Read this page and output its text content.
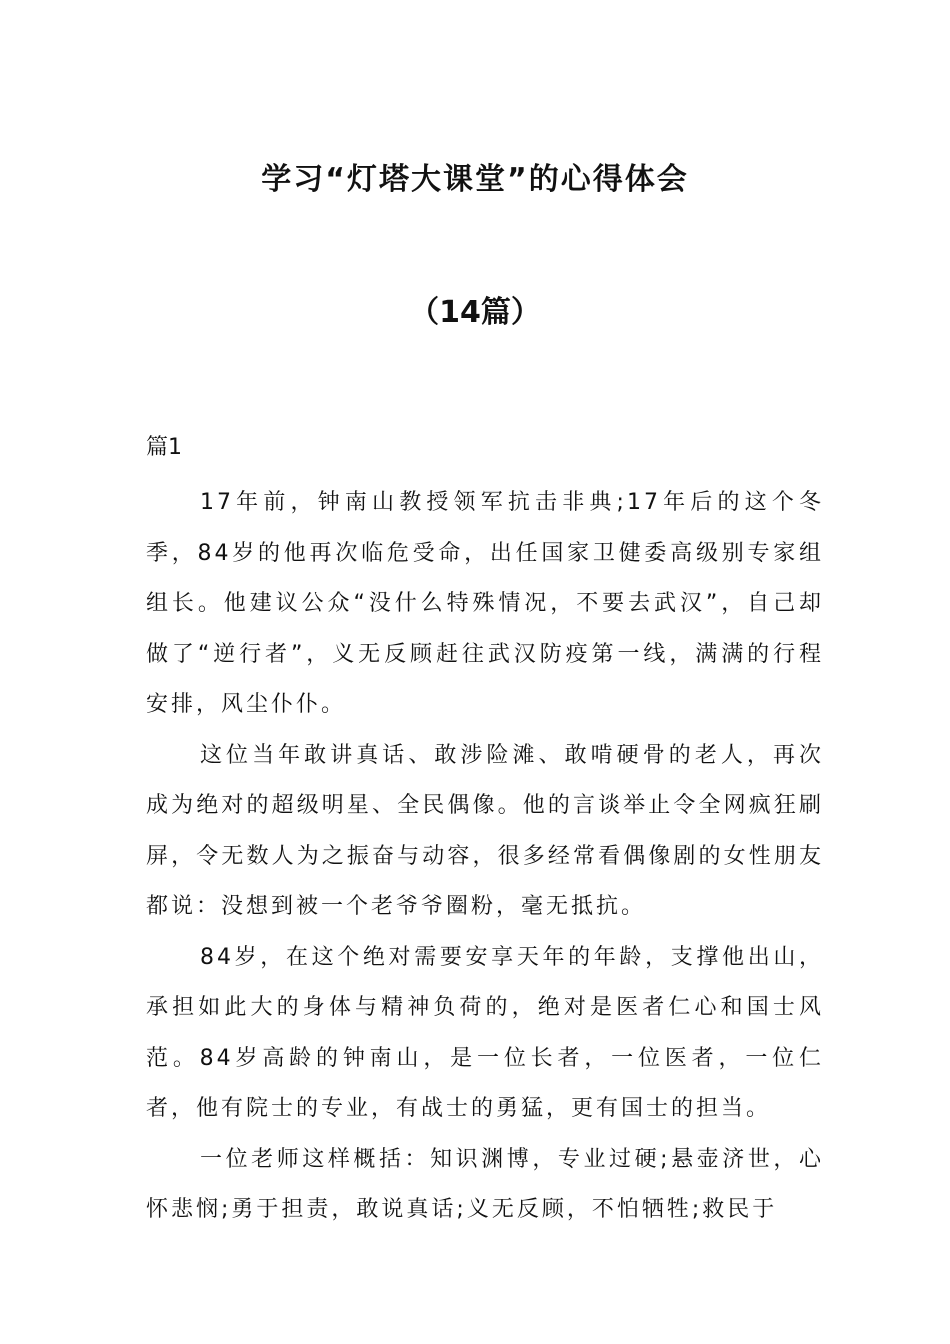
学习“灯塔大课堂”的心得体会
（14篇）
篇1

17年前，钟南山教授领军抗击非典;17年后的这个冬季，84岁的他再次临危受命，出任国家卫健委高级别专家组组长。他建议公众“没什么特殊情况，不要去武汉”，自己却做了“逆行者”，义无反顾赶往武汉防疫第一线，满满的行程安排，风尘仆仆。

这位当年敢讲真话、敢涉险滩、敢啃硬骨的老人，再次成为绝对的超级明星、全民偶像。他的言谈举止令全网疯狂刷屏，令无数人为之振奋与动容，很多经常看偶像剧的女性朋友都说：没想到被一个老爷爷圈粉，毫无抵抗。

84岁，在这个绝对需要安享天年的年龄，支撑他出山，承担如此大的身体与精神负荷的，绝对是医者仁心和国士风范。84岁高龄的钟南山，是一位长者，一位医者，一位仁者，他有院士的专业，有战士的勇猛，更有国士的担当。

一位老师这样概括：知识渊博，专业过硬;悬壶济世，心怀悲悯;勇于担责，敢说真话;义无反顾，不怕牺牲;救民于
